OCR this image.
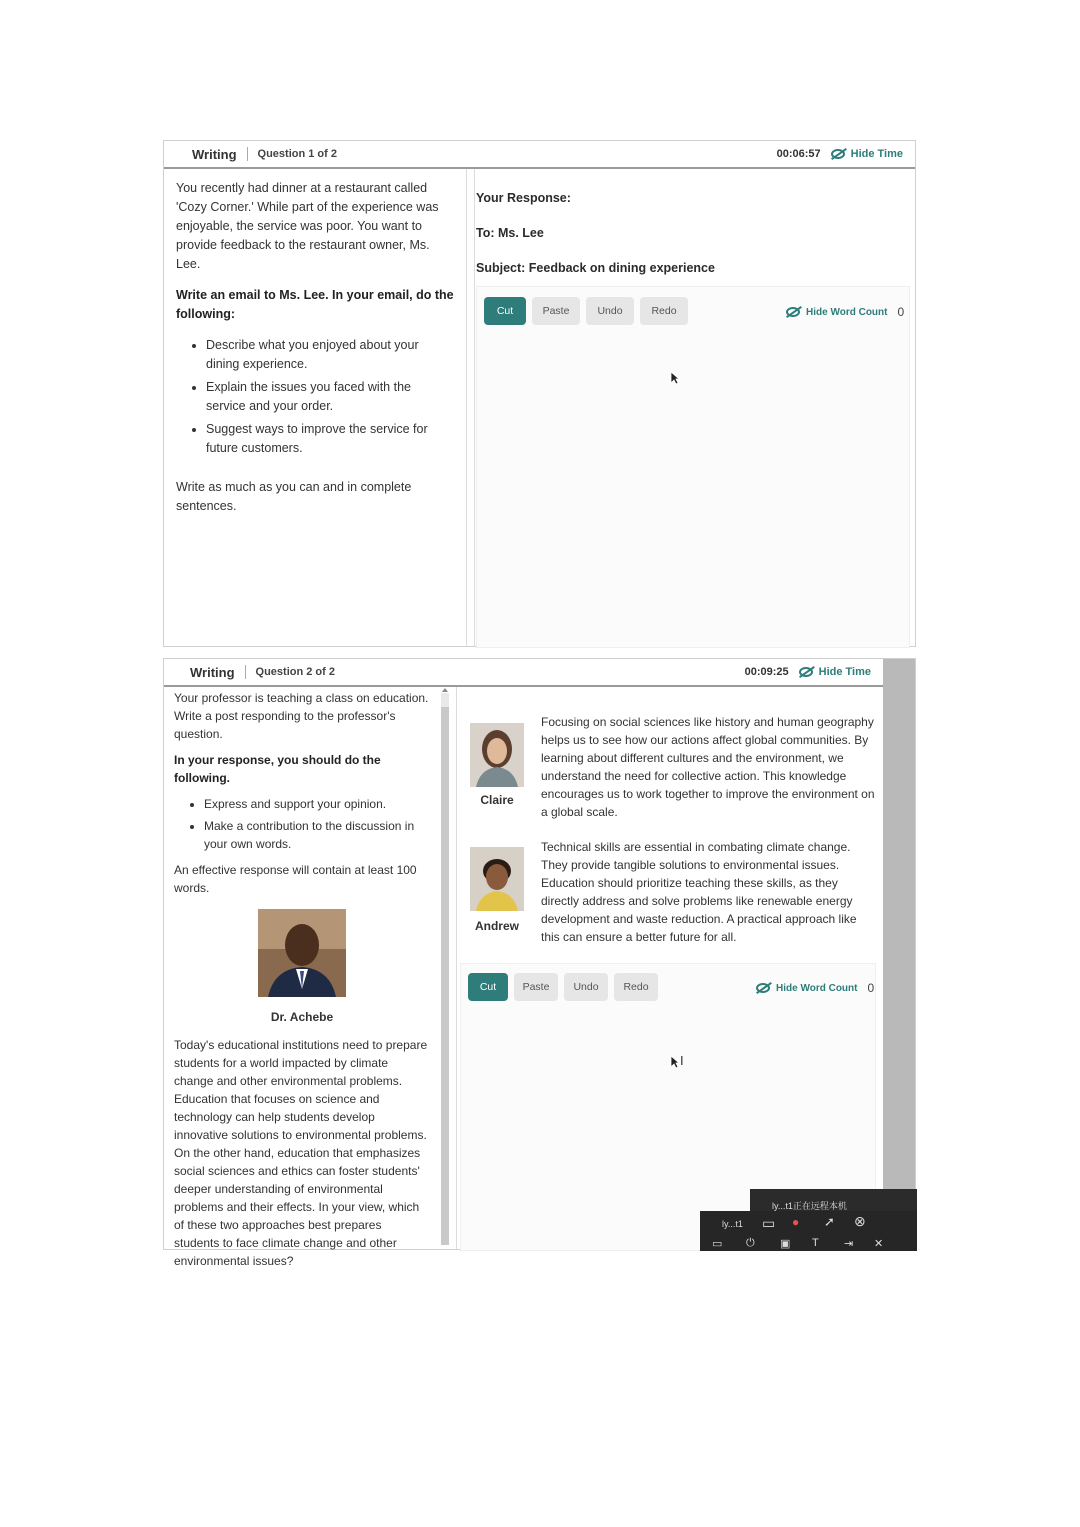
Writing Question 1 of 2	00:06:57	Hide Time

You recently had dinner at a restaurant called 'Cozy Corner.' While part of the experience was enjoyable, the service was poor. You want to provide feedback to the restaurant owner, Ms. Lee.

Write an email to Ms. Lee. In your email, do the following:

• Describe what you enjoyed about your dining experience.
• Explain the issues you faced with the service and your order.
• Suggest ways to improve the service for future customers.

Write as much as you can and in complete sentences.

Your Response:
To: Ms. Lee
Subject: Feedback on dining experience
Cut	Paste	Undo	Redo	Hide Word Count 0
Writing Question 2 of 2	00:09:25	Hide Time

Your professor is teaching a class on education. Write a post responding to the professor's question.

In your response, you should do the following.

• Express and support your opinion.
• Make a contribution to the discussion in your own words.

An effective response will contain at least 100 words.

Dr. Achebe

Today's educational institutions need to prepare students for a world impacted by climate change and other environmental problems. Education that focuses on science and technology can help students develop innovative solutions to environmental problems. On the other hand, education that emphasizes social sciences and ethics can foster students' deeper understanding of environmental problems and their effects. In your view, which of these two approaches best prepares students to face climate change and other environmental issues?

Claire
Focusing on social sciences like history and human geography helps us to see how our actions affect global communities. By learning about different cultures and the environment, we understand the need for collective action. This knowledge encourages us to work together to improve the environment on a global scale.
Andrew
Technical skills are essential in combating climate change. They provide tangible solutions to environmental issues. Education should prioritize teaching these skills, as they directly address and solve problems like renewable energy development and waste reduction. A practical approach like this can ensure a better future for all.
Cut	Paste	Undo	Redo	Hide Word Count 0
I
ly...t1正在远程本机
ly...t1 ▭ ● ➚ ⊗
▭ ⏻ ▣ T ⇥ ✕
